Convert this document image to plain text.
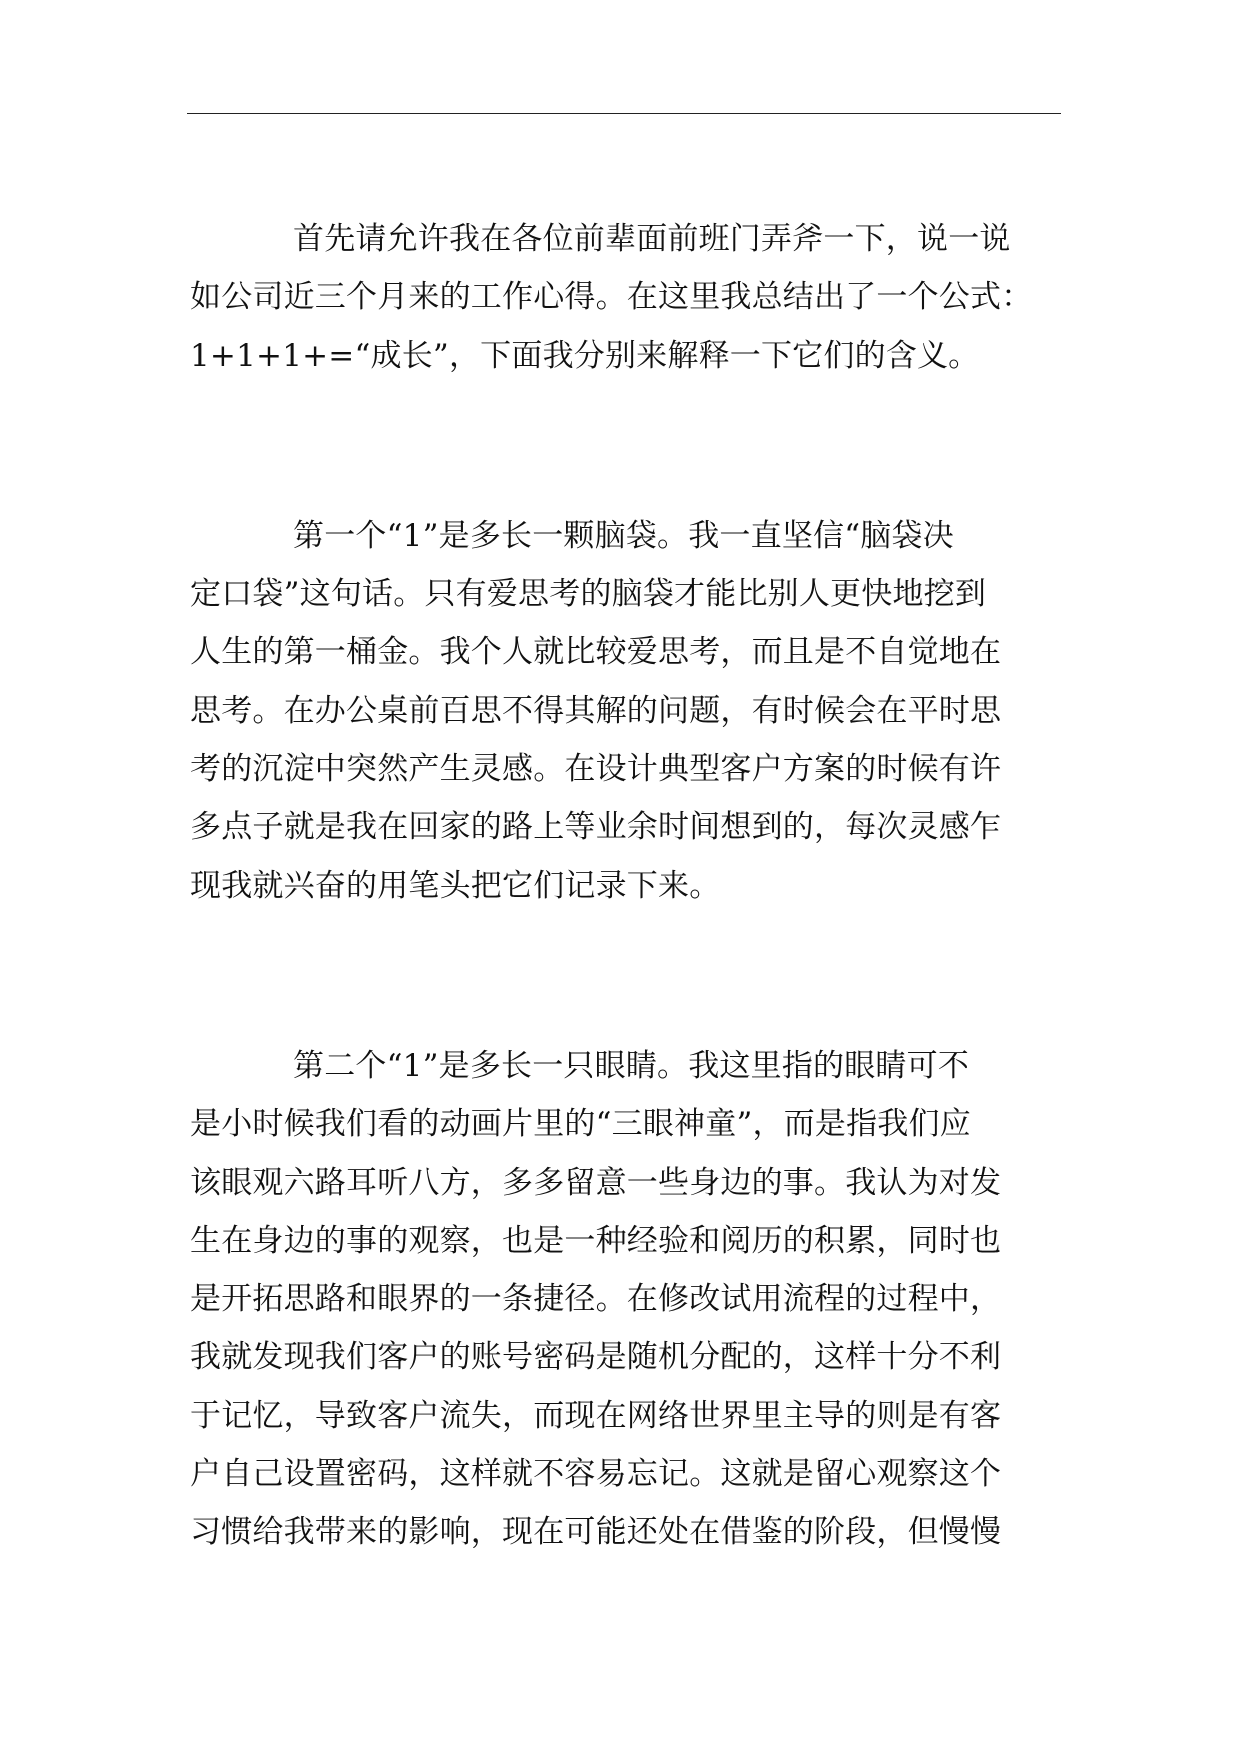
首先请允许我在各位前辈面前班门弄斧一下，说一说
如公司近三个月来的工作心得。在这里我总结出了一个公式：
1+1+1+=“成长”，下面我分别来解释一下它们的含义。

第一个“1”是多长一颗脑袋。我一直坚信“脑袋决
定口袋”这句话。只有爱思考的脑袋才能比别人更快地挖到
人生的第一桶金。我个人就比较爱思考，而且是不自觉地在
思考。在办公桌前百思不得其解的问题，有时候会在平时思
考的沉淀中突然产生灵感。在设计典型客户方案的时候有许
多点子就是我在回家的路上等业余时间想到的，每次灵感乍
现我就兴奋的用笔头把它们记录下来。

第二个“1”是多长一只眼睛。我这里指的眼睛可不
是小时候我们看的动画片里的“三眼神童”，而是指我们应
该眼观六路耳听八方，多多留意一些身边的事。我认为对发
生在身边的事的观察，也是一种经验和阅历的积累，同时也
是开拓思路和眼界的一条捷径。在修改试用流程的过程中，
我就发现我们客户的账号密码是随机分配的，这样十分不利
于记忆，导致客户流失，而现在网络世界里主导的则是有客
户自己设置密码，这样就不容易忘记。这就是留心观察这个
习惯给我带来的影响，现在可能还处在借鉴的阶段，但慢慢
